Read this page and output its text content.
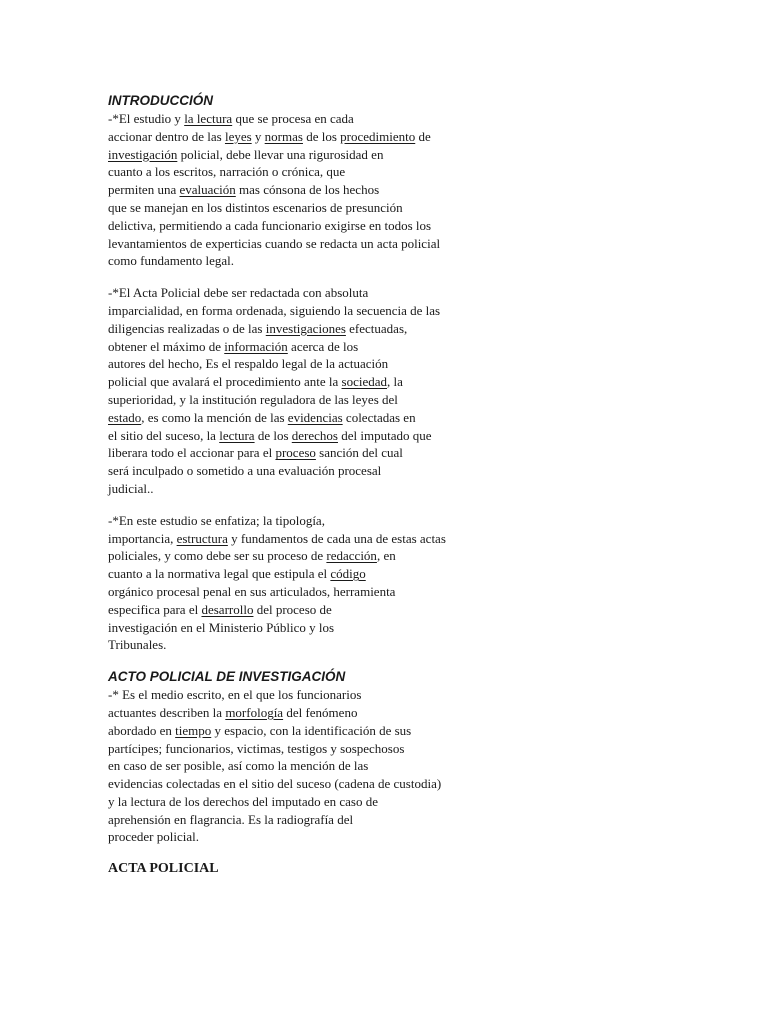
INTRODUCCIÓN

-*El estudio y la lectura que se procesa en cada
accionar dentro de las leyes y normas de los procedimiento de
investigación policial, debe llevar una rigurosidad en
cuanto a los escritos, narración o crónica, que
permiten una evaluación mas cónsona de los hechos
que se manejan en los distintos escenarios de presunción
delictiva, permitiendo a cada funcionario exigirse en todos los
levantamientos de experticias cuando se redacta un acta policial
como fundamento legal.

-*El Acta Policial debe ser redactada con absoluta
imparcialidad, en forma ordenada, siguiendo la secuencia de las
diligencias realizadas o de las investigaciones efectuadas,
obtener el máximo de información acerca de los
autores del hecho, Es el respaldo legal de la actuación
policial que avalará el procedimiento ante la sociedad, la
superioridad, y la institución reguladora de las leyes del
estado, es como la mención de las evidencias colectadas en
el sitio del suceso, la lectura de los derechos del imputado que
liberara todo el accionar para el proceso sanción del cual
será inculpado o sometido a una evaluación procesal
judicial..

-*En este estudio se enfatiza; la tipología,
importancia, estructura y fundamentos de cada una de estas actas
policiales, y como debe ser su proceso de redacción, en
cuanto a la normativa legal que estipula el código
orgánico procesal penal en sus articulados, herramienta
especifica para el desarrollo del proceso de
investigación en el Ministerio Público y los
Tribunales.

ACTO POLICIAL DE INVESTIGACIÓN

-* Es el medio escrito, en el que los funcionarios
actuantes describen la morfología del fenómeno
abordado en tiempo y espacio, con la identificación de sus
partícipes; funcionarios, victimas, testigos y sospechosos
en caso de ser posible, así como la mención de las
evidencias colectadas en el sitio del suceso (cadena de custodia)
y la lectura de los derechos del imputado en caso de
aprehensión en flagrancia. Es la radiografía del
proceder policial.

ACTA POLICIAL
